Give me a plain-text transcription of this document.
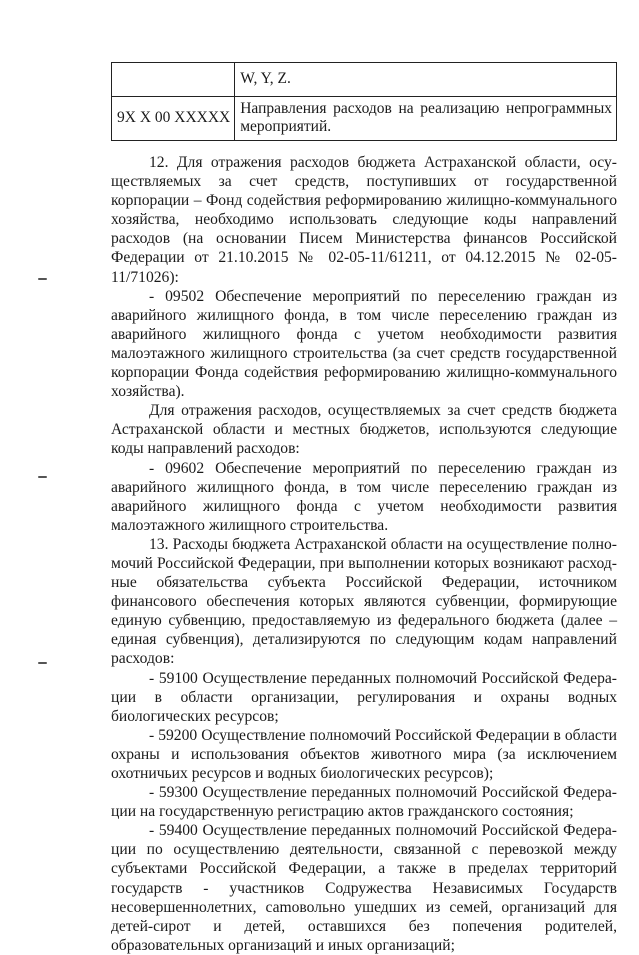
	W, Y, Z.
9Х Х 00 ХХХХХ	Направления расходов на реализацию непрограммных мероприятий.

12. Для отражения расходов бюджета Астраханской области, осуществляемых за счет средств, поступивших от государственной корпорации – Фонд содействия реформированию жилищно-коммунального хозяйства, необходимо использовать следующие коды направлений расходов (на основании Писем Министерства финансов Российской Федерации от 21.10.2015 № 02-05-11/61211, от 04.12.2015 № 02-05-11/71026):

- 09502 Обеспечение мероприятий по переселению граждан из аварийного жилищного фонда, в том числе переселению граждан из аварийного жилищного фонда с учетом необходимости развития малоэтажного жилищного строительства (за счет средств государственной корпорации Фонда содействия реформированию жилищно-коммунального хозяйства).

Для отражения расходов, осуществляемых за счет средств бюджета Астраханской области и местных бюджетов, используются следующие коды направлений расходов:

- 09602 Обеспечение мероприятий по переселению граждан из аварийного жилищного фонда, в том числе переселению граждан из аварийного жилищного фонда с учетом необходимости развития малоэтажного жилищного строительства.

13. Расходы бюджета Астраханской области на осуществление полномочий Российской Федерации, при выполнении которых возникают расходные обязательства субъекта Российской Федерации, источником финансового обеспечения которых являются субвенции, формирующие единую субвенцию, предоставляемую из федерального бюджета (далее – единая субвенция), детализируются по следующим кодам направлений расходов:

- 59100 Осуществление переданных полномочий Российской Федерации в области организации, регулирования и охраны водных биологических ресурсов;

- 59200 Осуществление полномочий Российской Федерации в области охраны и использования объектов животного мира (за исключением охотничьих ресурсов и водных биологических ресурсов);

- 59300 Осуществление переданных полномочий Российской Федерации на государственную регистрацию актов гражданского состояния;

- 59400 Осуществление переданных полномочий Российской Федерации по осуществлению деятельности, связанной с перевозкой между субъектами Российской Федерации, а также в пределах территорий государств - участников Содружества Независимых Государств несовершеннолетних, саmовольно ушедших из семей, организаций для детей-сирот и детей, оставшихся без попечения родителей, образовательных организаций и иных организаций;
